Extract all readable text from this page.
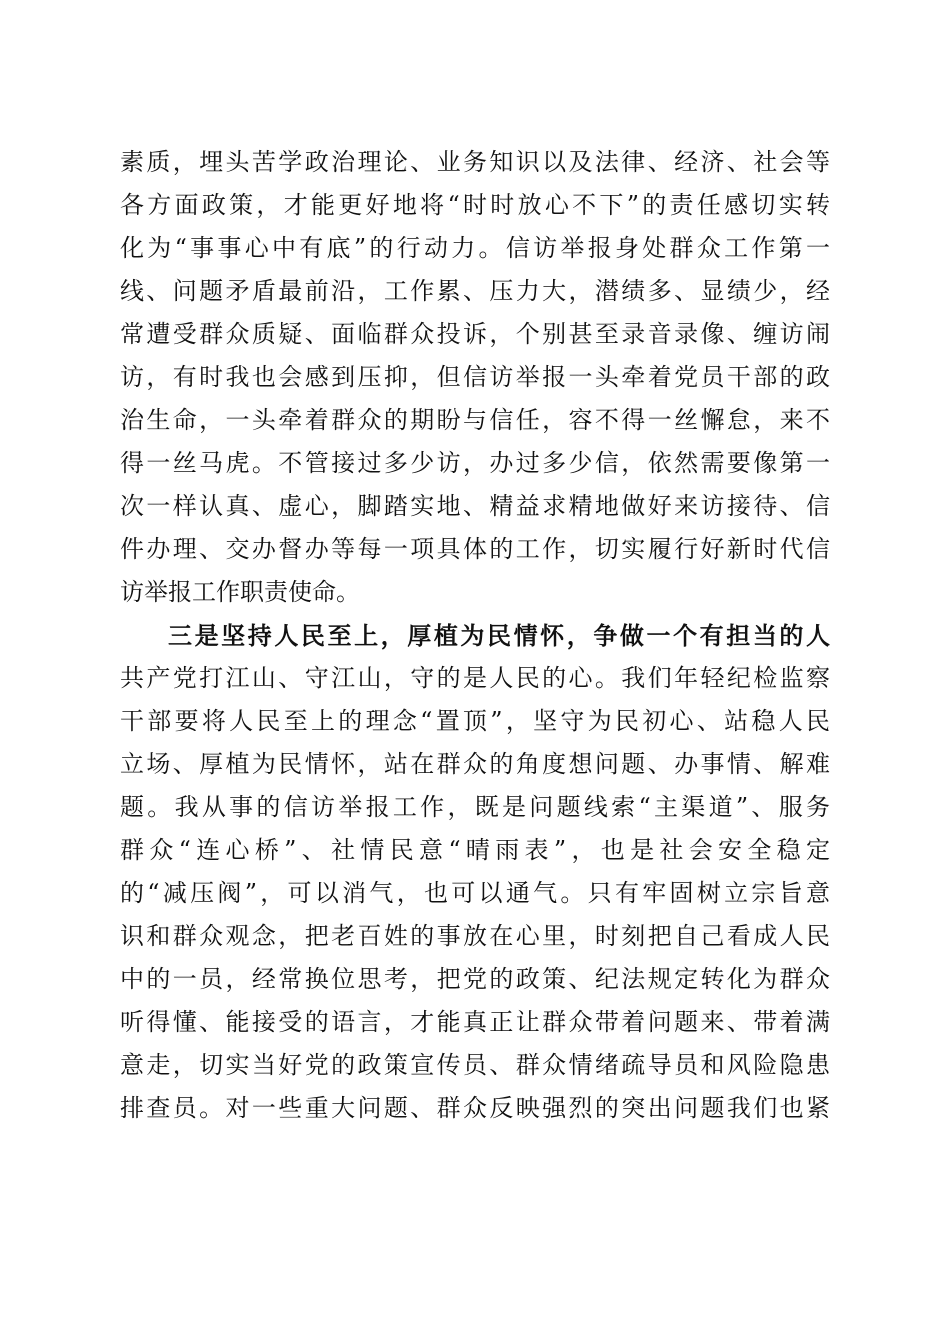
素质，埋头苦学政治理论、业务知识以及法律、经济、社会等
各方面政策，才能更好地将“时时放心不下”的责任感切实转
化为“事事心中有底”的行动力。信访举报身处群众工作第一
线、问题矛盾最前沿，工作累、压力大，潜绩多、显绩少，经
常遭受群众质疑、面临群众投诉，个别甚至录音录像、缠访闹
访，有时我也会感到压抑，但信访举报一头牵着党员干部的政
治生命，一头牵着群众的期盼与信任，容不得一丝懈怠，来不
得一丝马虎。不管接过多少访，办过多少信，依然需要像第一
次一样认真、虚心，脚踏实地、精益求精地做好来访接待、信
件办理、交办督办等每一项具体的工作，切实履行好新时代信
访举报工作职责使命。
三是坚持人民至上，厚植为民情怀，争做一个有担当的人
共产党打江山、守江山，守的是人民的心。我们年轻纪检监察
干部要将人民至上的理念“置顶”，坚守为民初心、站稳人民
立场、厚植为民情怀，站在群众的角度想问题、办事情、解难
题。我从事的信访举报工作，既是问题线索“主渠道”、服务
群众“连心桥”、社情民意“晴雨表”，也是社会安全稳定
的“减压阀”，可以消气，也可以通气。只有牢固树立宗旨意
识和群众观念，把老百姓的事放在心里，时刻把自己看成人民
中的一员，经常换位思考，把党的政策、纪法规定转化为群众
听得懂、能接受的语言，才能真正让群众带着问题来、带着满
意走，切实当好党的政策宣传员、群众情绪疏导员和风险隐患
排查员。对一些重大问题、群众反映强烈的突出问题我们也紧
